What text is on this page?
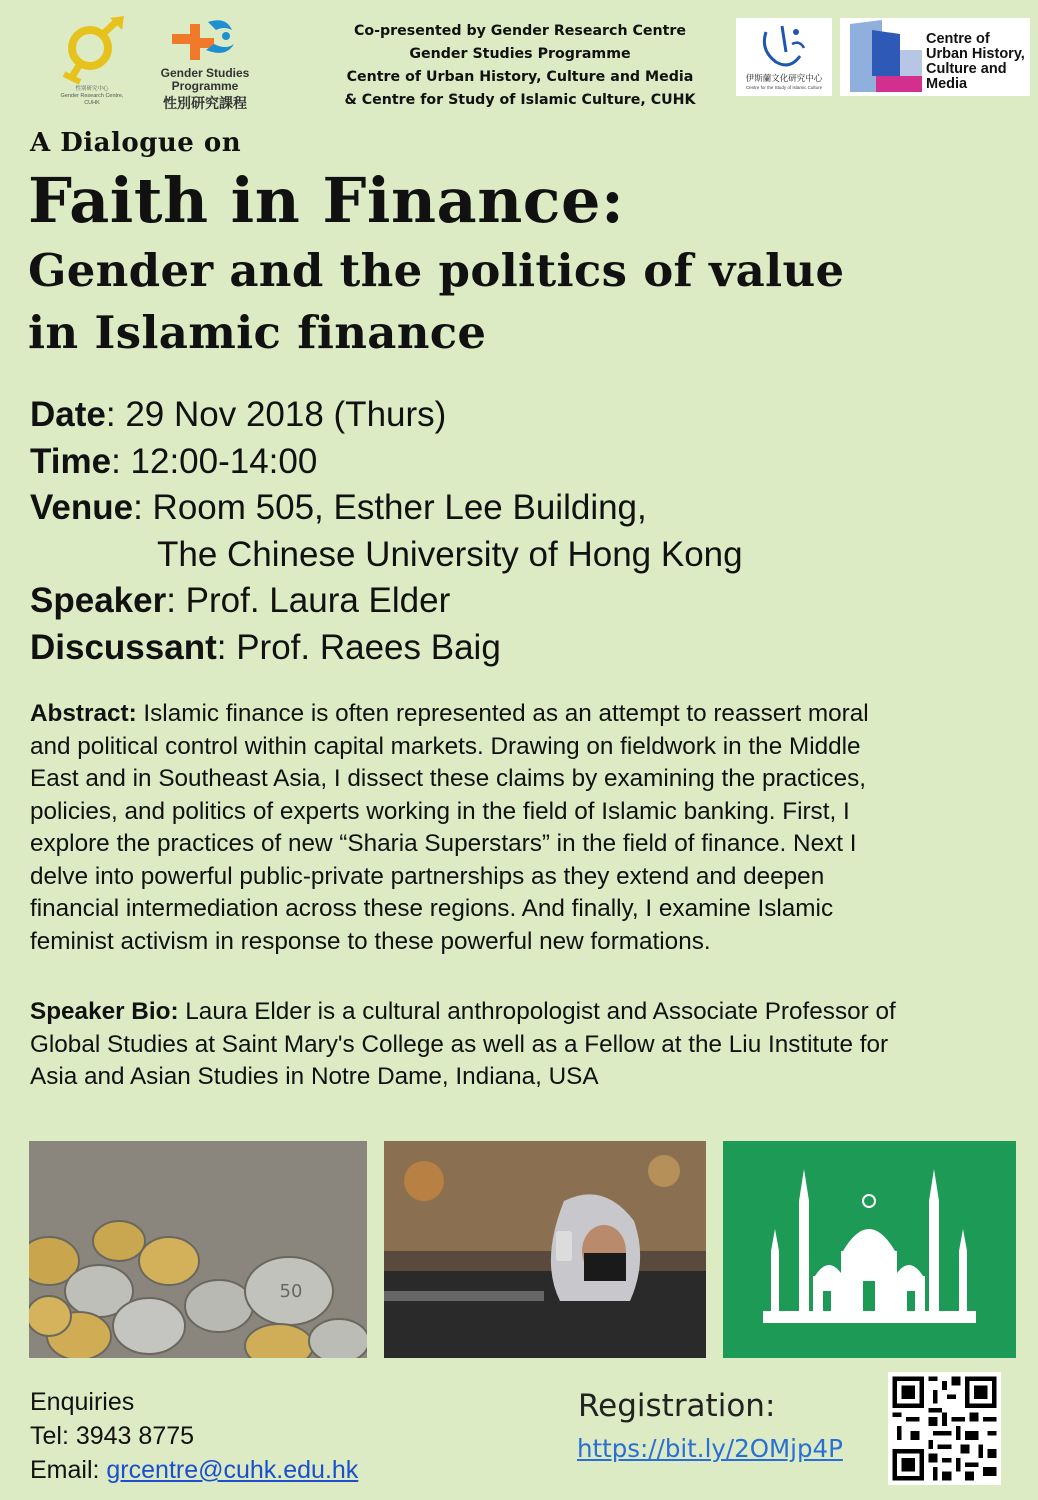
性別研究中心
Gender Research Centre, CUHK
Gender Studies
Programme
性別研究課程
Co-presented by Gender Research Centre
Gender Studies Programme
Centre of Urban History, Culture and Media
& Centre for Study of Islamic Culture, CUHK
伊斯蘭文化研究中心
Centre for the Study of Islamic Culture
Centre of
Urban History,
Culture and
Media
A Dialogue on
Faith in Finance:
Gender and the politics of value
in Islamic finance
Date: 29 Nov 2018 (Thurs)
Time: 12:00-14:00
Venue: Room 505, Esther Lee Building,
The Chinese University of Hong Kong
Speaker: Prof. Laura Elder
Discussant: Prof. Raees Baig
Abstract: Islamic finance is often represented as an attempt to reassert moral
and political control within capital markets. Drawing on fieldwork in the Middle
East and in Southeast Asia, I dissect these claims by examining the practices,
policies, and politics of experts working in the field of Islamic banking. First, I
explore the practices of new “Sharia Superstars” in the field of finance. Next I
delve into powerful public-private partnerships as they extend and deepen
financial intermediation across these regions. And finally, I examine Islamic
feminist activism in response to these powerful new formations.
Speaker Bio: Laura Elder is a cultural anthropologist and Associate Professor of
Global Studies at Saint Mary's College as well as a Fellow at the Liu Institute for
Asia and Asian Studies in Notre Dame, Indiana, USA
50
Enquiries
Tel: 3943 8775
Email: grcentre@cuhk.edu.hk
Registration:
https://bit.ly/2OMjp4P
